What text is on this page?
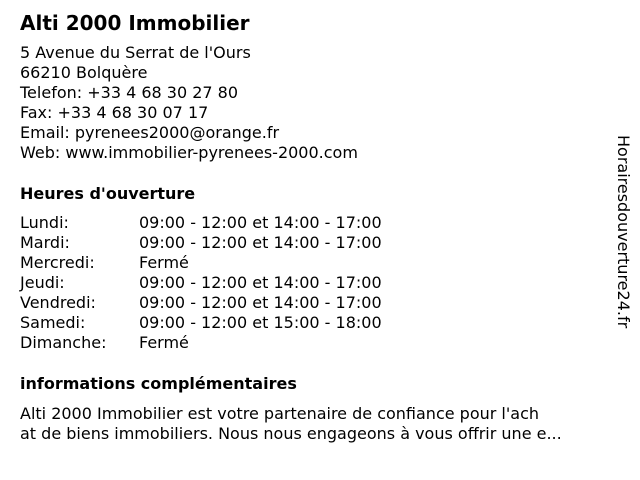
Alti 2000 Immobilier
5 Avenue du Serrat de l'Ours
66210 Bolquère
Telefon: +33 4 68 30 27 80
Fax: +33 4 68 30 07 17
Email: pyrenees2000@orange.fr
Web: www.immobilier-pyrenees-2000.com
Heures d'ouverture
Lundi:	09:00 - 12:00 et 14:00 - 17:00
Mardi:	09:00 - 12:00 et 14:00 - 17:00
Mercredi:	Fermé
Jeudi:	09:00 - 12:00 et 14:00 - 17:00
Vendredi:	09:00 - 12:00 et 14:00 - 17:00
Samedi:	09:00 - 12:00 et 15:00 - 18:00
Dimanche:	Fermé
informations complémentaires
Alti 2000 Immobilier est votre partenaire de confiance pour l'ach
at de biens immobiliers. Nous nous engageons à vous offrir une e...
Horairesdouverture24.fr
